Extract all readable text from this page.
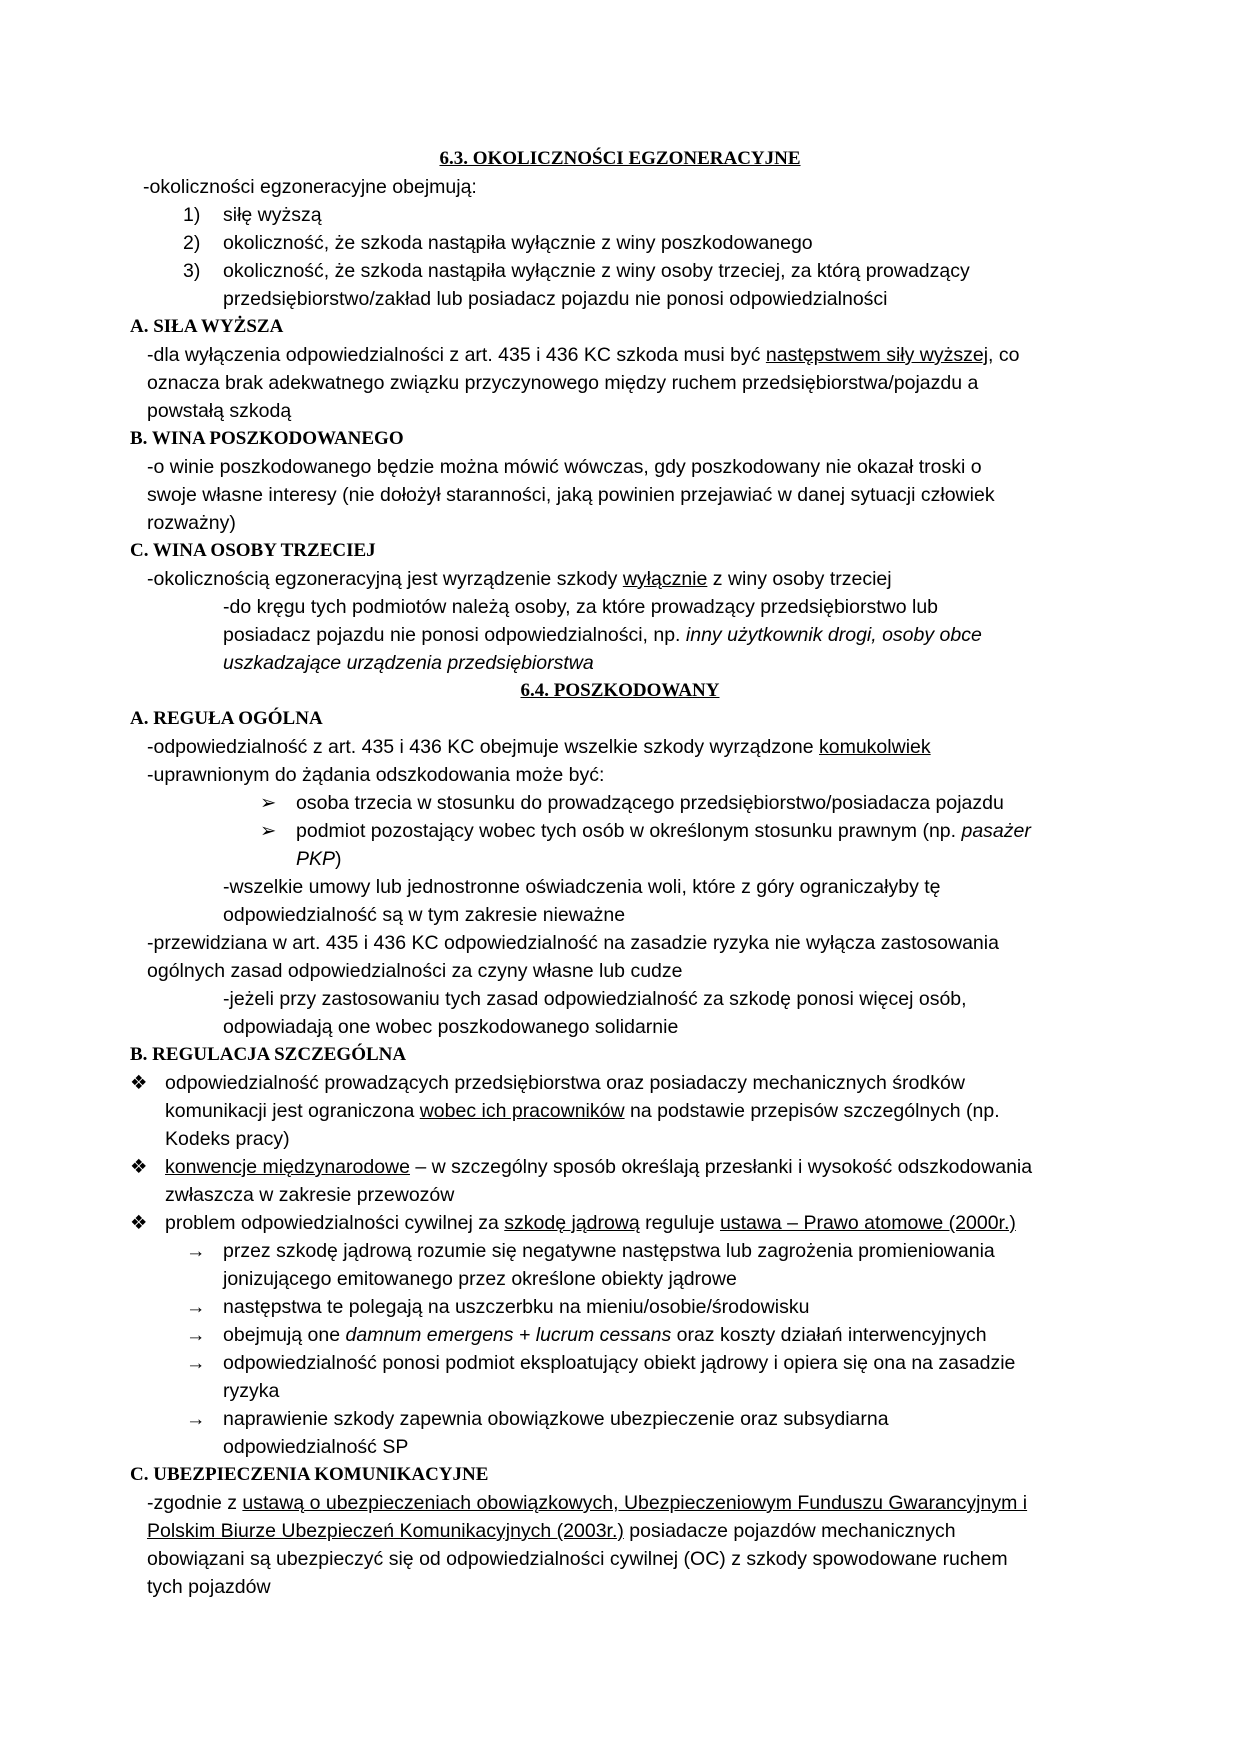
6.3. OKOLICZNOŚCI EGZONERACYJNE
-okoliczności egzoneracyjne obejmują:
1) siłę wyższą
2) okoliczność, że szkoda nastąpiła wyłącznie z winy poszkodowanego
3) okoliczność, że szkoda nastąpiła wyłącznie z winy osoby trzeciej, za którą prowadzący
przedsiębiorstwo/zakład lub posiadacz pojazdu nie ponosi odpowiedzialności
A. SIŁA WYŻSZA
-dla wyłączenia odpowiedzialności z art. 435 i 436 KC szkoda musi być następstwem siły wyższej, co
oznacza brak adekwatnego związku przyczynowego między ruchem przedsiębiorstwa/pojazdu a
powstałą szkodą
B. WINA POSZKODOWANEGO
-o winie poszkodowanego będzie można mówić wówczas, gdy poszkodowany nie okazał troski o
swoje własne interesy (nie dołożył staranności, jaką powinien przejawiać w danej sytuacji człowiek
rozważny)
C. WINA OSOBY TRZECIEJ
-okolicznością egzoneracyjną jest wyrządzenie szkody wyłącznie z winy osoby trzeciej
-do kręgu tych podmiotów należą osoby, za które prowadzący przedsiębiorstwo lub
posiadacz pojazdu nie ponosi odpowiedzialności, np. inny użytkownik drogi, osoby obce
uszkadzające urządzenia przedsiębiorstwa
6.4. POSZKODOWANY
A. REGUŁA OGÓLNA
-odpowiedzialność z art. 435 i 436 KC obejmuje wszelkie szkody wyrządzone komukolwiek
-uprawnionym do żądania odszkodowania może być:
➢ osoba trzecia w stosunku do prowadzącego przedsiębiorstwo/posiadacza pojazdu
➢ podmiot pozostający wobec tych osób w określonym stosunku prawnym (np. pasażer
PKP)
-wszelkie umowy lub jednostronne oświadczenia woli, które z góry ograniczałyby tę
odpowiedzialność są w tym zakresie nieważne
-przewidziana w art. 435 i 436 KC odpowiedzialność na zasadzie ryzyka nie wyłącza zastosowania
ogólnych zasad odpowiedzialności za czyny własne lub cudze
-jeżeli przy zastosowaniu tych zasad odpowiedzialność za szkodę ponosi więcej osób,
odpowiadają one wobec poszkodowanego solidarnie
B. REGULACJA SZCZEGÓLNA
❖ odpowiedzialność prowadzących przedsiębiorstwa oraz posiadaczy mechanicznych środków
komunikacji jest ograniczona wobec ich pracowników na podstawie przepisów szczególnych (np.
Kodeks pracy)
❖ konwencje międzynarodowe – w szczególny sposób określają przesłanki i wysokość odszkodowania
zwłaszcza w zakresie przewozów
❖ problem odpowiedzialności cywilnej za szkodę jądrową reguluje ustawa – Prawo atomowe (2000r.)
→ przez szkodę jądrową rozumie się negatywne następstwa lub zagrożenia promieniowania
jonizującego emitowanego przez określone obiekty jądrowe
→ następstwa te polegają na uszczerbku na mieniu/osobie/środowisku
→ obejmują one damnum emergens + lucrum cessans oraz koszty działań interwencyjnych
→ odpowiedzialność ponosi podmiot eksploatujący obiekt jądrowy i opiera się ona na zasadzie
ryzyka
→ naprawienie szkody zapewnia obowiązkowe ubezpieczenie oraz subsydiarna
odpowiedzialność SP
C. UBEZPIECZENIA KOMUNIKACYJNE
-zgodnie z ustawą o ubezpieczeniach obowiązkowych, Ubezpieczeniowym Funduszu Gwarancyjnym i
Polskim Biurze Ubezpieczeń Komunikacyjnych (2003r.) posiadacze pojazdów mechanicznych
obowiązani są ubezpieczyć się od odpowiedzialności cywilnej (OC) z szkody spowodowane ruchem
tych pojazdów
